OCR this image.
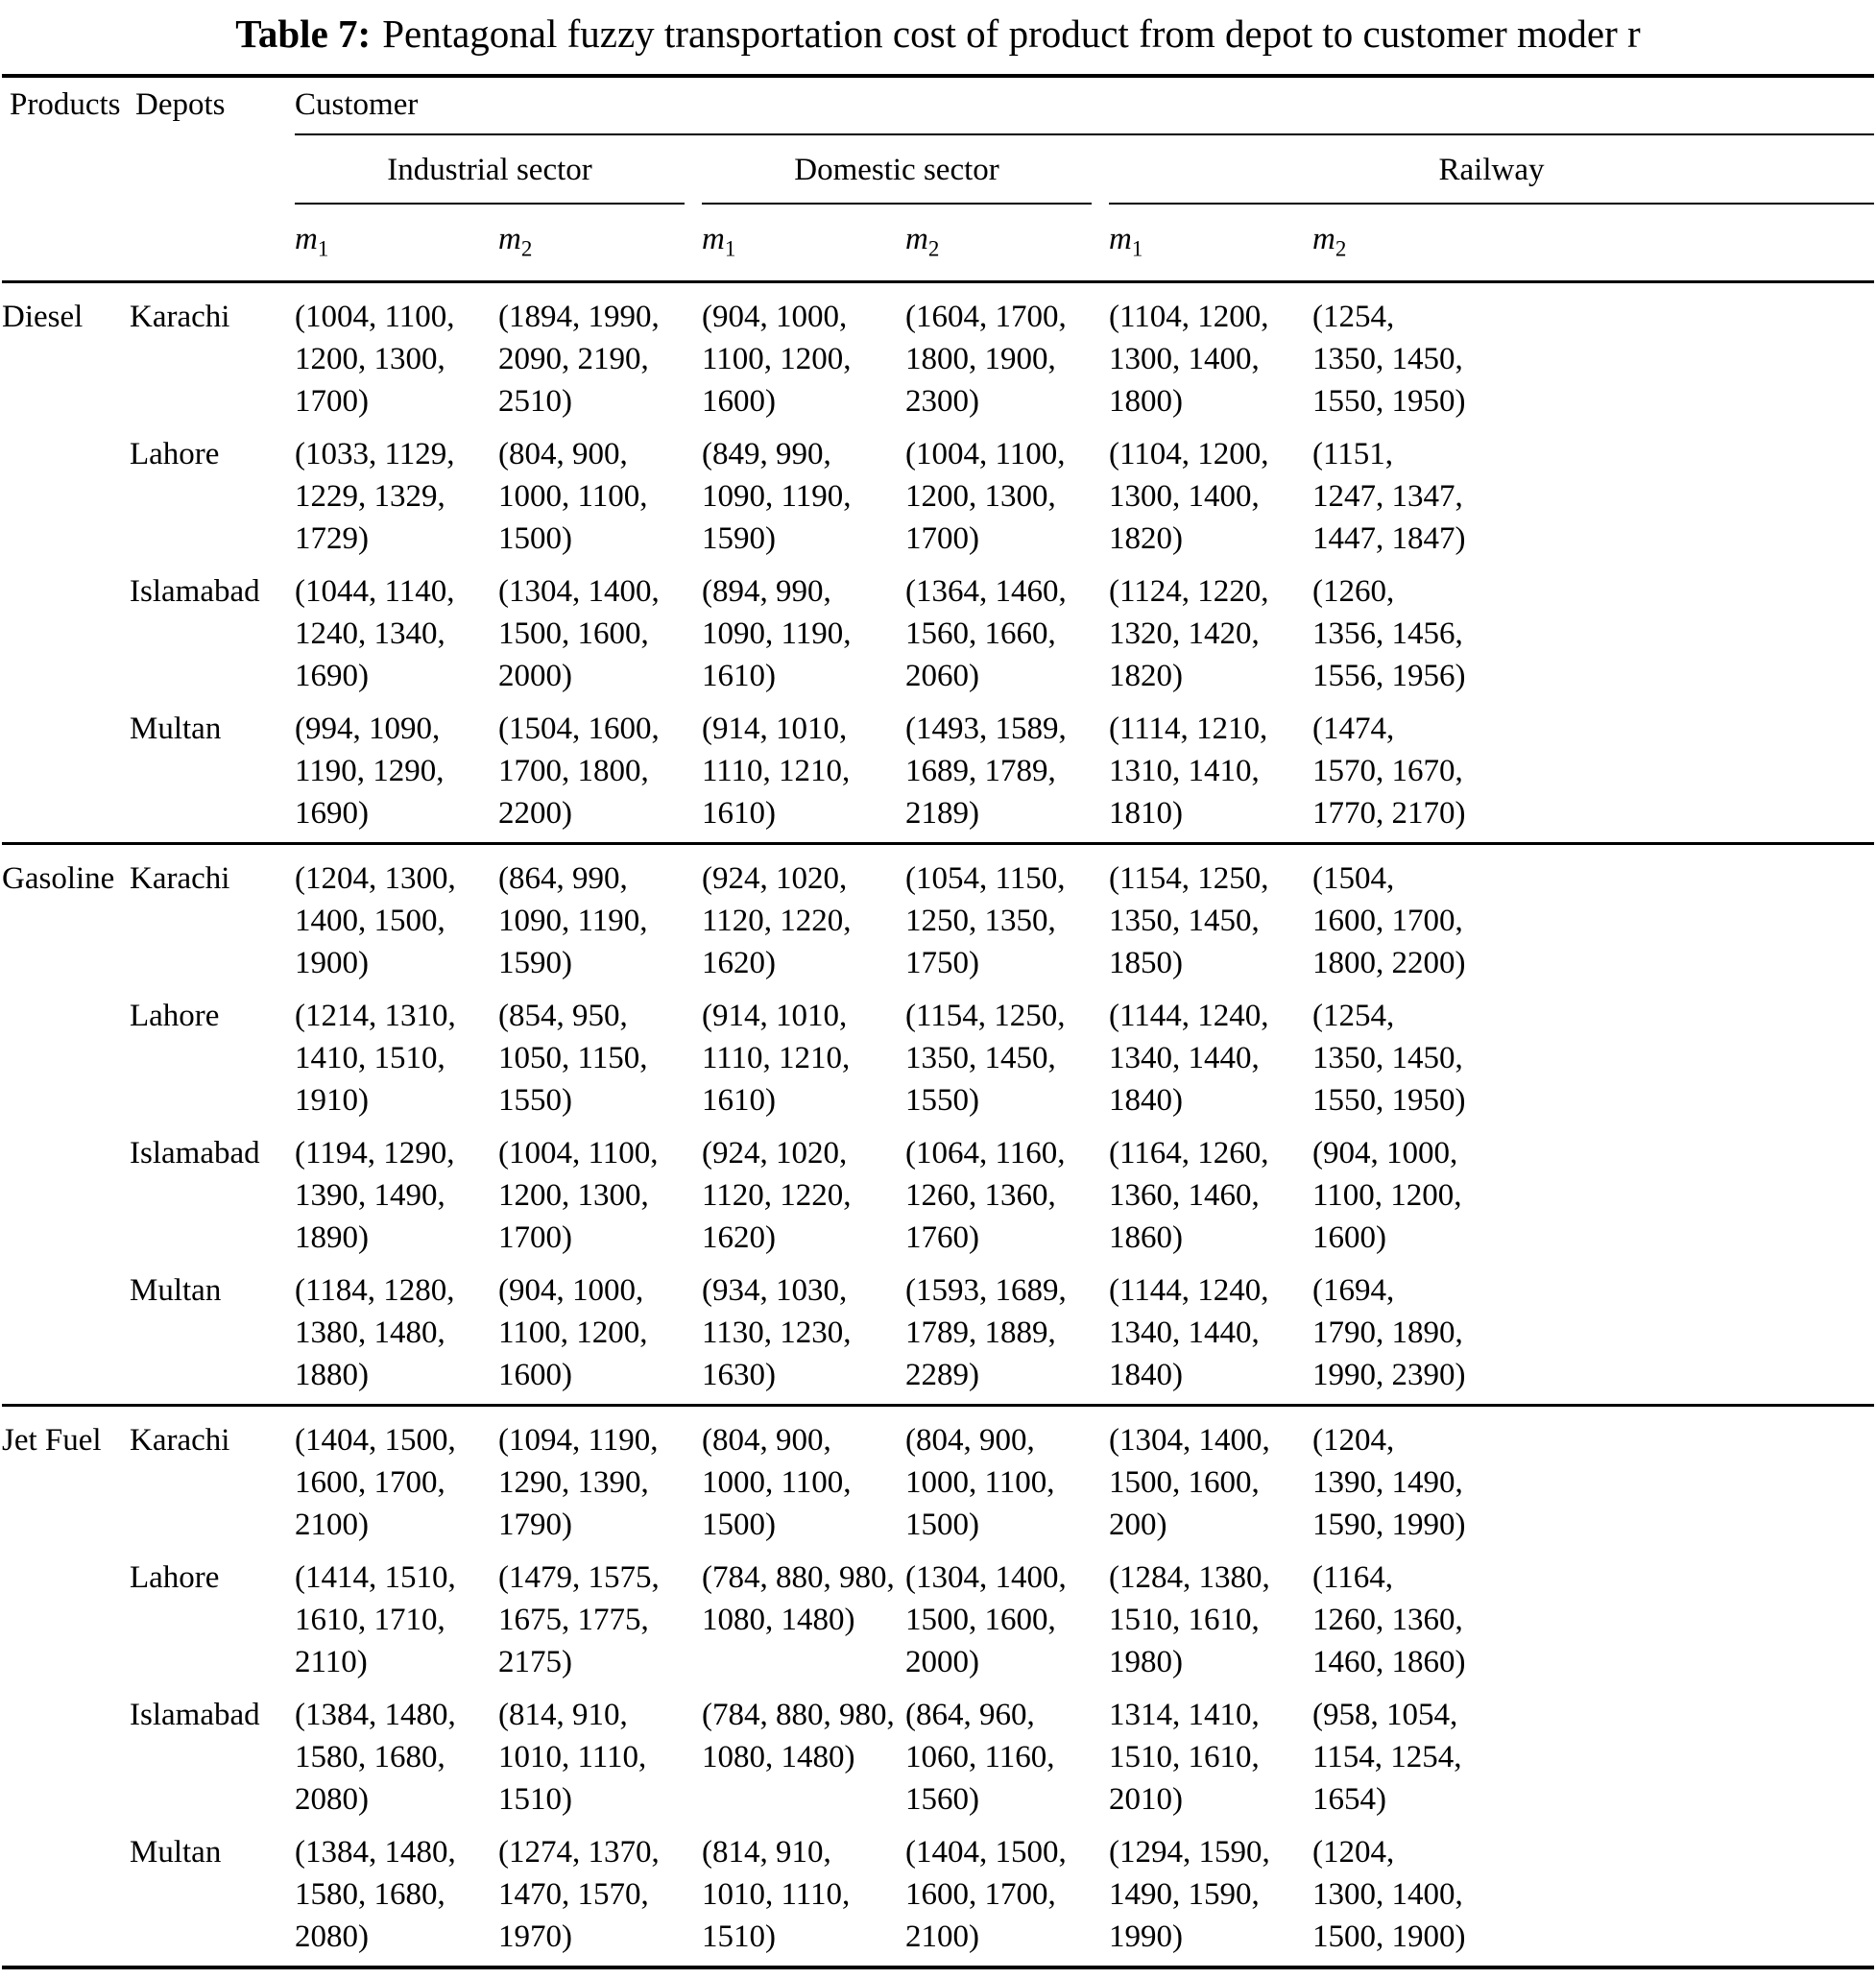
Table 7: Pentagonal fuzzy transportation cost of product from depot to customer moder r
Products	Depots	Customer					

		Industrial sector		Domestic sector		Railway	

		$m_1$	$m_2$	$m_1$	$m_2$	$m_1$	$m_2$
Diesel	Karachi	(1004, 1100, 1200, 1300, 1700)	(1894, 1990, 2090, 2190, 2510)	(904, 1000, 1100, 1200, 1600)	(1604, 1700, 1800, 1900, 2300)	(1104, 1200, 1300, 1400, 1800)	(1254, 1350, 1450, 1550, 1950)

	Lahore	(1033, 1129, 1229, 1329, 1729)	(804, 900, 1000, 1100, 1500)	(849, 990, 1090, 1190, 1590)	(1004, 1100, 1200, 1300, 1700)	(1104, 1200, 1300, 1400, 1820)	(1151, 1247, 1347, 1447, 1847)

	Islamabad	(1044, 1140, 1240, 1340, 1690)	(1304, 1400, 1500, 1600, 2000)	(894, 990, 1090, 1190, 1610)	(1364, 1460, 1560, 1660, 2060)	(1124, 1220, 1320, 1420, 1820)	(1260, 1356, 1456, 1556, 1956)

	Multan	(994, 1090, 1190, 1290, 1690)	(1504, 1600, 1700, 1800, 2200)	(914, 1010, 1110, 1210, 1610)	(1493, 1589, 1689, 1789, 2189)	(1114, 1210, 1310, 1410, 1810)	(1474, 1570, 1670, 1770, 2170)

Gasoline	Karachi	(1204, 1300, 1400, 1500, 1900)	(864, 990, 1090, 1190, 1590)	(924, 1020, 1120, 1220, 1620)	(1054, 1150, 1250, 1350, 1750)	(1154, 1250, 1350, 1450, 1850)	(1504, 1600, 1700, 1800, 2200)

	Lahore	(1214, 1310, 1410, 1510, 1910)	(854, 950, 1050, 1150, 1550)	(914, 1010, 1110, 1210, 1610)	(1154, 1250, 1350, 1450, 1550)	(1144, 1240, 1340, 1440, 1840)	(1254, 1350, 1450, 1550, 1950)

	Islamabad	(1194, 1290, 1390, 1490, 1890)	(1004, 1100, 1200, 1300, 1700)	(924, 1020, 1120, 1220, 1620)	(1064, 1160, 1260, 1360, 1760)	(1164, 1260, 1360, 1460, 1860)	(904, 1000, 1100, 1200, 1600)

	Multan	(1184, 1280, 1380, 1480, 1880)	(904, 1000, 1100, 1200, 1600)	(934, 1030, 1130, 1230, 1630)	(1593, 1689, 1789, 1889, 2289)	(1144, 1240, 1340, 1440, 1840)	(1694, 1790, 1890, 1990, 2390)

Jet Fuel	Karachi	(1404, 1500, 1600, 1700, 2100)	(1094, 1190, 1290, 1390, 1790)	(804, 900, 1000, 1100, 1500)	(804, 900, 1000, 1100, 1500)	(1304, 1400, 1500, 1600, 200)	(1204, 1390, 1490, 1590, 1990)

	Lahore	(1414, 1510, 1610, 1710, 2110)	(1479, 1575, 1675, 1775, 2175)	(784, 880, 980, 1080, 1480)	(1304, 1400, 1500, 1600, 2000)	(1284, 1380, 1510, 1610, 1980)	(1164, 1260, 1360, 1460, 1860)

	Islamabad	(1384, 1480, 1580, 1680, 2080)	(814, 910, 1010, 1110, 1510)	(784, 880, 980, 1080, 1480)	(864, 960, 1060, 1160, 1560)	1314, 1410, 1510, 1610, 2010)	(958, 1054, 1154, 1254, 1654)

	Multan	(1384, 1480, 1580, 1680, 2080)	(1274, 1370, 1470, 1570, 1970)	(814, 910, 1010, 1110, 1510)	(1404, 1500, 1600, 1700, 2100)	(1294, 1590, 1490, 1590, 1990)	(1204, 1300, 1400, 1500, 1900)
